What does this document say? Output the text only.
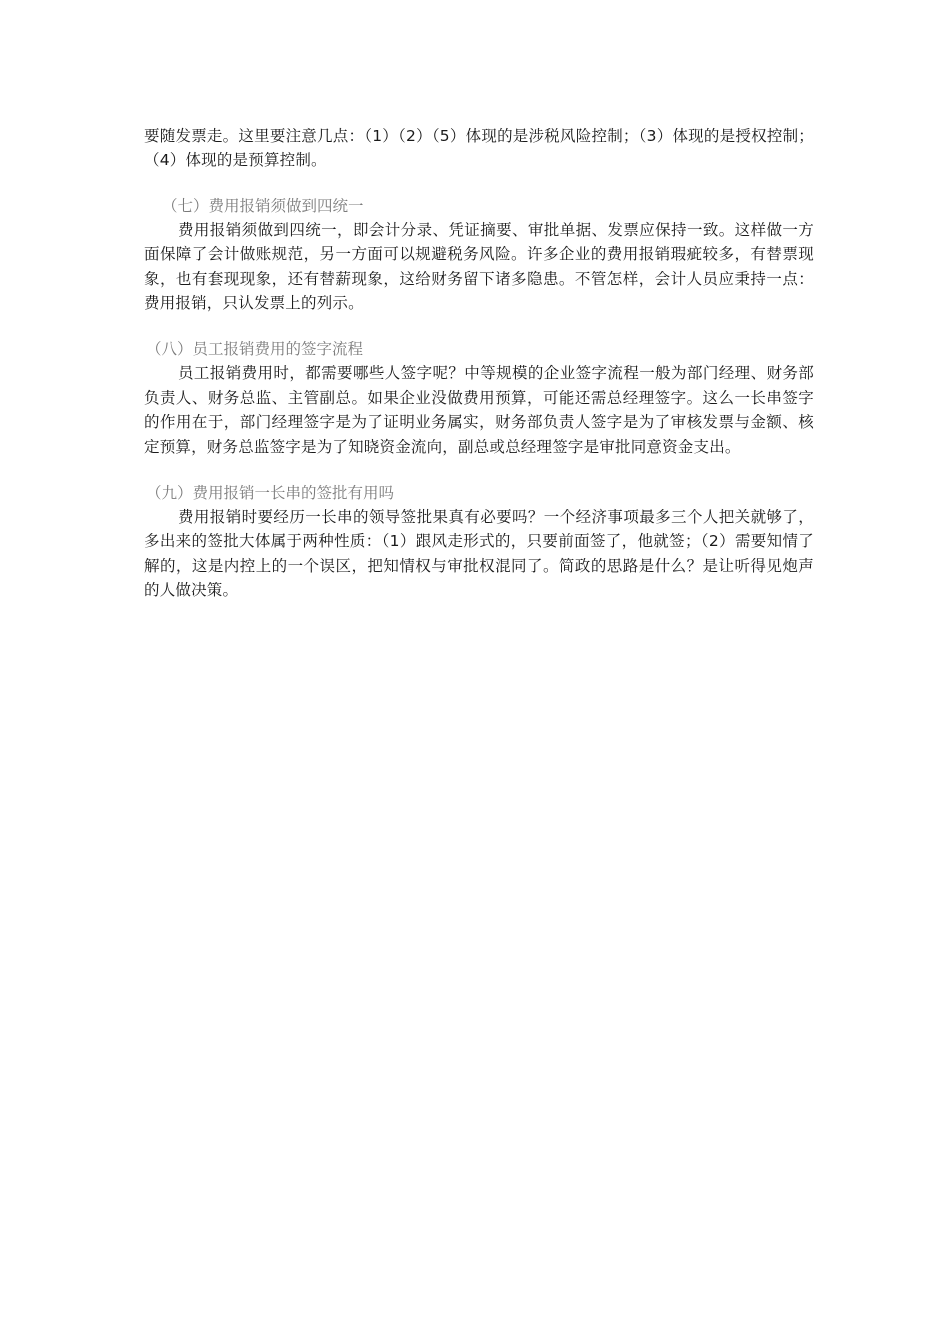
要随发票走。这里要注意几点：（1）（2）（5）体现的是涉税风险控制；（3）体现的是授权控制；（4）体现的是预算控制。

（七）费用报销须做到四统一

费用报销须做到四统一，即会计分录、凭证摘要、审批单据、发票应保持一致。这样做一方面保障了会计做账规范，另一方面可以规避税务风险。许多企业的费用报销瑕疵较多，有替票现象，也有套现现象，还有替薪现象，这给财务留下诸多隐患。不管怎样，会计人员应秉持一点：费用报销，只认发票上的列示。

（八）员工报销费用的签字流程

员工报销费用时，都需要哪些人签字呢？中等规模的企业签字流程一般为部门经理、财务部负责人、财务总监、主管副总。如果企业没做费用预算，可能还需总经理签字。这么一长串签字的作用在于，部门经理签字是为了证明业务属实，财务部负责人签字是为了审核发票与金额、核定预算，财务总监签字是为了知晓资金流向，副总或总经理签字是审批同意资金支出。

（九）费用报销一长串的签批有用吗

费用报销时要经历一长串的领导签批果真有必要吗？一个经济事项最多三个人把关就够了，多出来的签批大体属于两种性质：（1）跟风走形式的，只要前面签了，他就签；（2）需要知情了解的，这是内控上的一个误区，把知情权与审批权混同了。简政的思路是什么？是让听得见炮声的人做决策。
